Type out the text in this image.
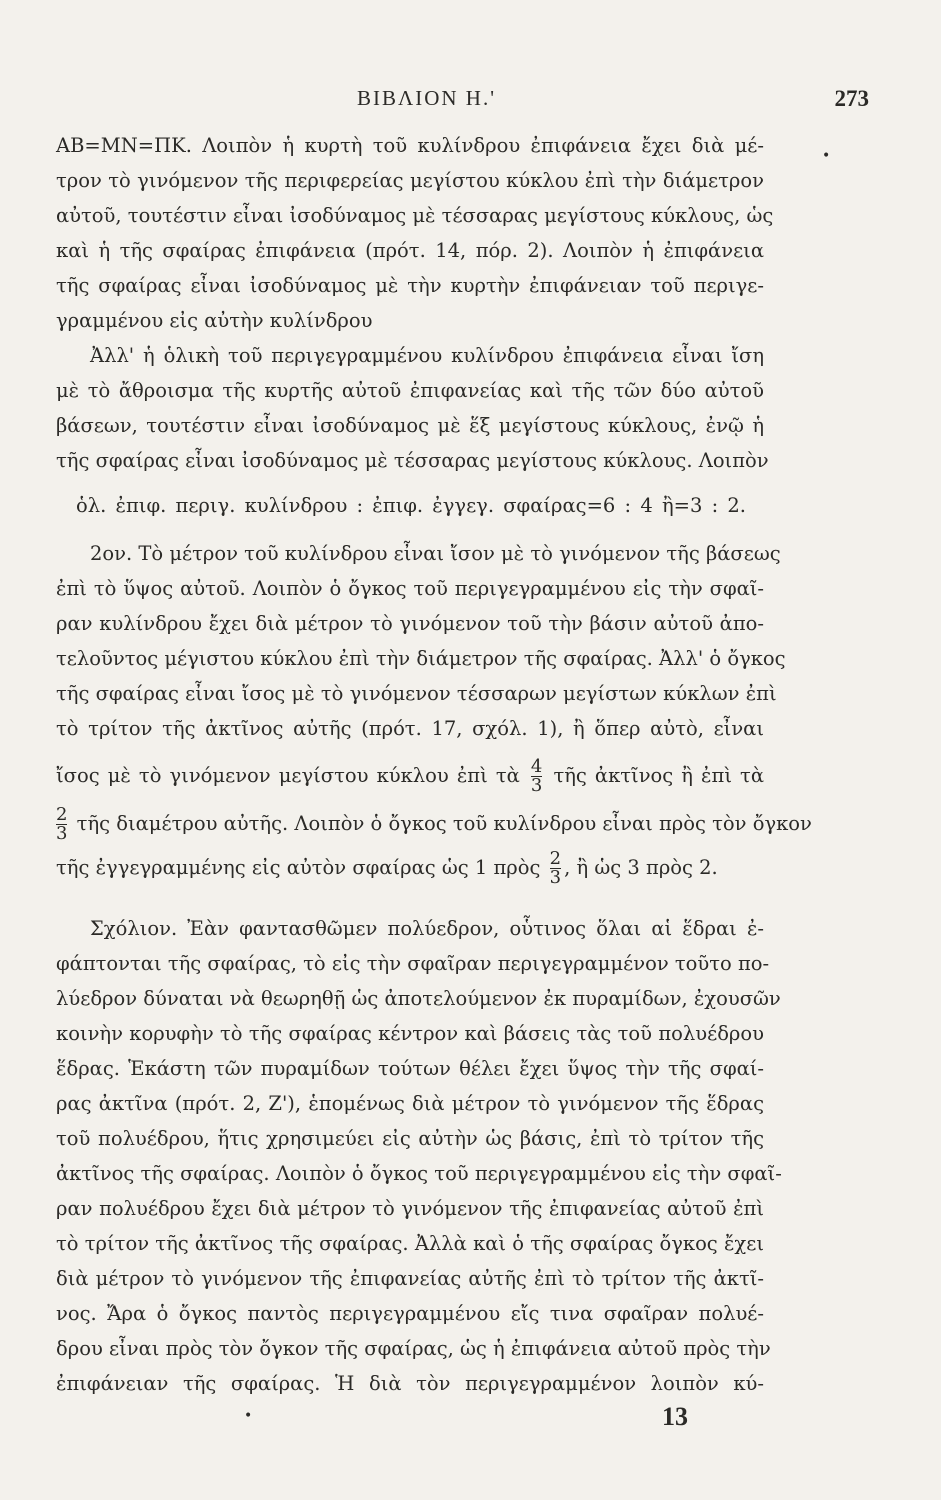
ΒΙΒΛΙΟΝ Η.'	273
•
ΑΒ=ΜΝ=ΠΚ. Λοιπὸν ἡ κυρτὴ τοῦ κυλίνδρου ἐπιφάνεια ἔχει διὰ μέ-
τρον τὸ γινόμενον τῆς περιφερείας μεγίστου κύκλου ἐπὶ τὴν διάμετρον
αὐτοῦ, τουτέστιν εἶναι ἰσοδύναμος μὲ τέσσαρας μεγίστους κύκλους, ὡς
καὶ ἡ τῆς σφαίρας ἐπιφάνεια (πρότ. 14, πόρ. 2). Λοιπὸν ἡ ἐπιφάνεια
τῆς σφαίρας εἶναι ἰσοδύναμος μὲ τὴν κυρτὴν ἐπιφάνειαν τοῦ περιγε-
γραμμένου εἰς αὐτὴν κυλίνδρου
Ἀλλ' ἡ ὁλικὴ τοῦ περιγεγραμμένου κυλίνδρου ἐπιφάνεια εἶναι ἴση
μὲ τὸ ἄθροισμα τῆς κυρτῆς αὐτοῦ ἐπιφανείας καὶ τῆς τῶν δύο αὐτοῦ
βάσεων, τουτέστιν εἶναι ἰσοδύναμος μὲ ἕξ μεγίστους κύκλους, ἐνῷ ἡ
τῆς σφαίρας εἶναι ἰσοδύναμος μὲ τέσσαρας μεγίστους κύκλους. Λοιπὸν
ὁλ. ἐπιφ. περιγ. κυλίνδρου : ἐπιφ. ἐγγεγ. σφαίρας=6 : 4 ἢ=3 : 2.
2ον. Τὸ μέτρον τοῦ κυλίνδρου εἶναι ἴσον μὲ τὸ γινόμενον τῆς βάσεως
ἐπὶ τὸ ὕψος αὐτοῦ. Λοιπὸν ὁ ὄγκος τοῦ περιγεγραμμένου εἰς τὴν σφαῖ-
ραν κυλίνδρου ἔχει διὰ μέτρον τὸ γινόμενον τοῦ τὴν βάσιν αὐτοῦ ἀπο-
τελοῦντος μέγιστου κύκλου ἐπὶ τὴν διάμετρον τῆς σφαίρας. Ἀλλ' ὁ ὄγκος
τῆς σφαίρας εἶναι ἴσος μὲ τὸ γινόμενον τέσσαρων μεγίστων κύκλων ἐπὶ
τὸ τρίτον τῆς ἀκτῖνος αὐτῆς (πρότ. 17, σχόλ. 1), ἢ ὅπερ αὐτὸ, εἶναι
ἴσος μὲ τὸ γινόμενον μεγίστου κύκλου ἐπὶ τὰ $\frac{4}{3}$ τῆς ἀκτῖνος ἢ ἐπὶ τὰ
$\frac{2}{3}$ τῆς διαμέτρου αὐτῆς. Λοιπὸν ὁ ὄγκος τοῦ κυλίνδρου εἶναι πρὸς τὸν ὄγκον
τῆς ἐγγεγραμμένης εἰς αὐτὸν σφαίρας ὡς 1 πρὸς $\frac{2}{3}$ , ἢ ὡς 3 πρὸς 2.
Σχόλιον. Ἐὰν φαντασθῶμεν πολύεδρον, οὗτινος ὅλαι αἱ ἕδραι ἐ-
φάπτονται τῆς σφαίρας, τὸ εἰς τὴν σφαῖραν περιγεγραμμένον τοῦτο πο-
λύεδρον δύναται νὰ θεωρηθῇ ὡς ἀποτελούμενον ἐκ πυραμίδων, ἐχουσῶν
κοινὴν κορυφὴν τὸ τῆς σφαίρας κέντρον καὶ βάσεις τὰς τοῦ πολυέδρου
ἕδρας. Ἑκάστη τῶν πυραμίδων τούτων θέλει ἔχει ὕψος τὴν τῆς σφαί-
ρας ἀκτῖνα (πρότ. 2, Ζ'), ἑπομένως διὰ μέτρον τὸ γινόμενον τῆς ἕδρας
τοῦ πολυέδρου, ἥτις χρησιμεύει εἰς αὐτὴν ὡς βάσις, ἐπὶ τὸ τρίτον τῆς
ἀκτῖνος τῆς σφαίρας. Λοιπὸν ὁ ὄγκος τοῦ περιγεγραμμένου εἰς τὴν σφαῖ-
ραν πολυέδρου ἔχει διὰ μέτρον τὸ γινόμενον τῆς ἐπιφανείας αὐτοῦ ἐπὶ
τὸ τρίτον τῆς ἀκτῖνος τῆς σφαίρας. Ἀλλὰ καὶ ὁ τῆς σφαίρας ὄγκος ἔχει
διὰ μέτρον τὸ γινόμενον τῆς ἐπιφανείας αὐτῆς ἐπὶ τὸ τρίτον τῆς ἀκτῖ-
νος. Ἄρα ὁ ὄγκος παντὸς περιγεγραμμένου εἴς τινα σφαῖραν πολυέ-
δρου εἶναι πρὸς τὸν ὄγκον τῆς σφαίρας, ὡς ἡ ἐπιφάνεια αὐτοῦ πρὸς τὴν
ἐπιφάνειαν τῆς σφαίρας. Ἡ διὰ τὸν περιγεγραμμένον λοιπὸν κύ-
•	13
